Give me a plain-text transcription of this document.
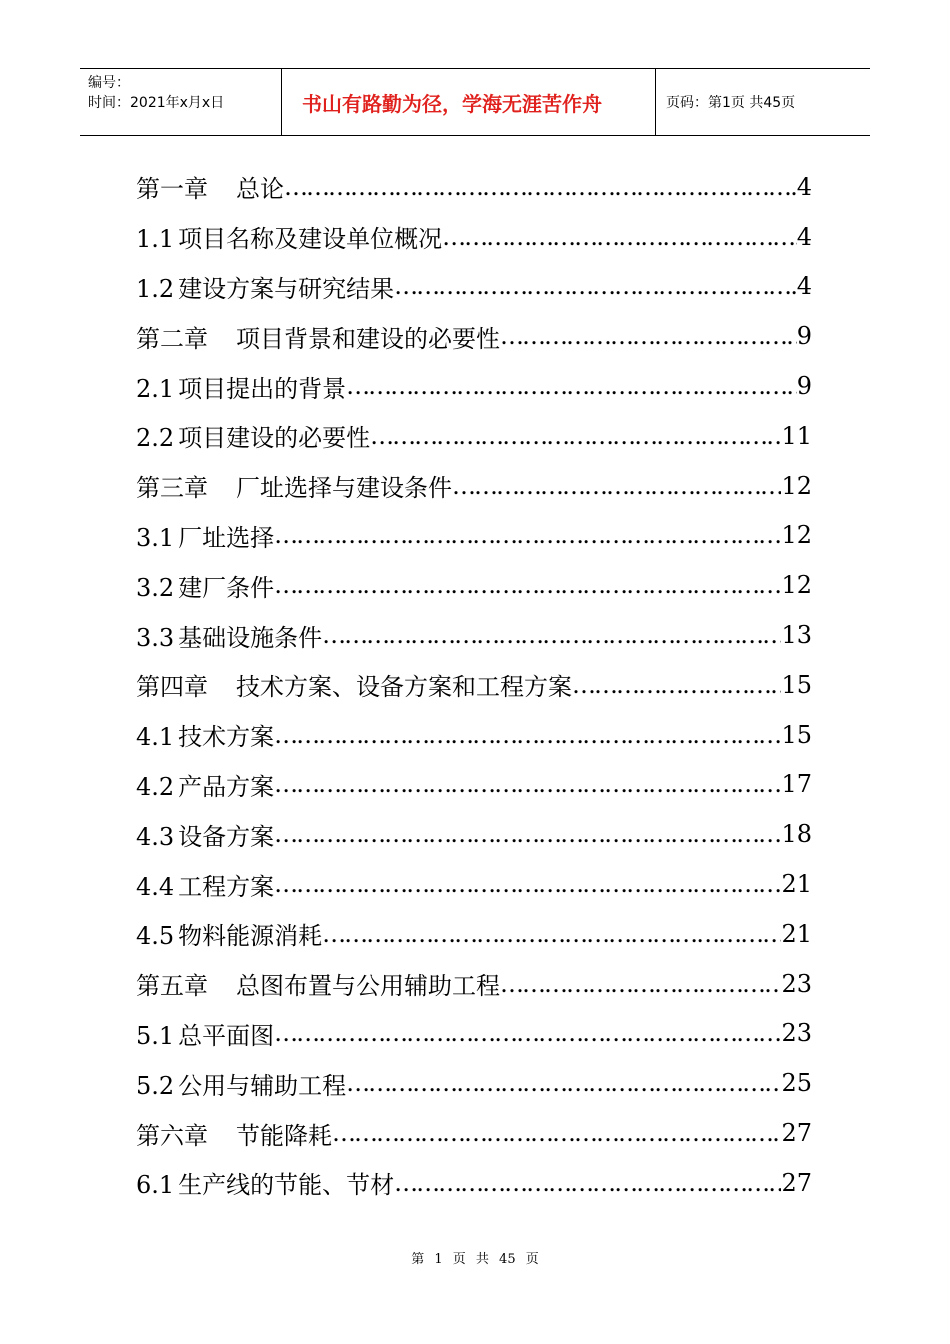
编号：
时间：2021年x月x日	书山有路勤为径，学海无涯苦作舟	页码：第1页 共45页
第一章 总论 ……………………………………………………………………………………………………	4
1.1 项目名称及建设单位概况 ……………………………………………………………………………………………………	4
1.2 建设方案与研究结果 ……………………………………………………………………………………………………	4
第二章 项目背景和建设的必要性 ……………………………………………………………………………………………………	9
2.1 项目提出的背景 ……………………………………………………………………………………………………	9
2.2 项目建设的必要性 ……………………………………………………………………………………………………	11
第三章 厂址选择与建设条件 ……………………………………………………………………………………………………	12
3.1 厂址选择 ……………………………………………………………………………………………………	12
3.2 建厂条件 ……………………………………………………………………………………………………	12
3.3 基础设施条件 ……………………………………………………………………………………………………	13
第四章 技术方案、设备方案和工程方案 ……………………………………………………………………………………………………	15
4.1 技术方案 ……………………………………………………………………………………………………	15
4.2 产品方案 ……………………………………………………………………………………………………	17
4.3 设备方案 ……………………………………………………………………………………………………	18
4.4 工程方案 ……………………………………………………………………………………………………	21
4.5 物料能源消耗 ……………………………………………………………………………………………………	21
第五章 总图布置与公用辅助工程 ……………………………………………………………………………………………………	23
5.1 总平面图 ……………………………………………………………………………………………………	23
5.2 公用与辅助工程 ……………………………………………………………………………………………………	25
第六章 节能降耗 ……………………………………………………………………………………………………	27
6.1 生产线的节能、节材 ……………………………………………………………………………………………………	27
第 1 页 共 45 页
